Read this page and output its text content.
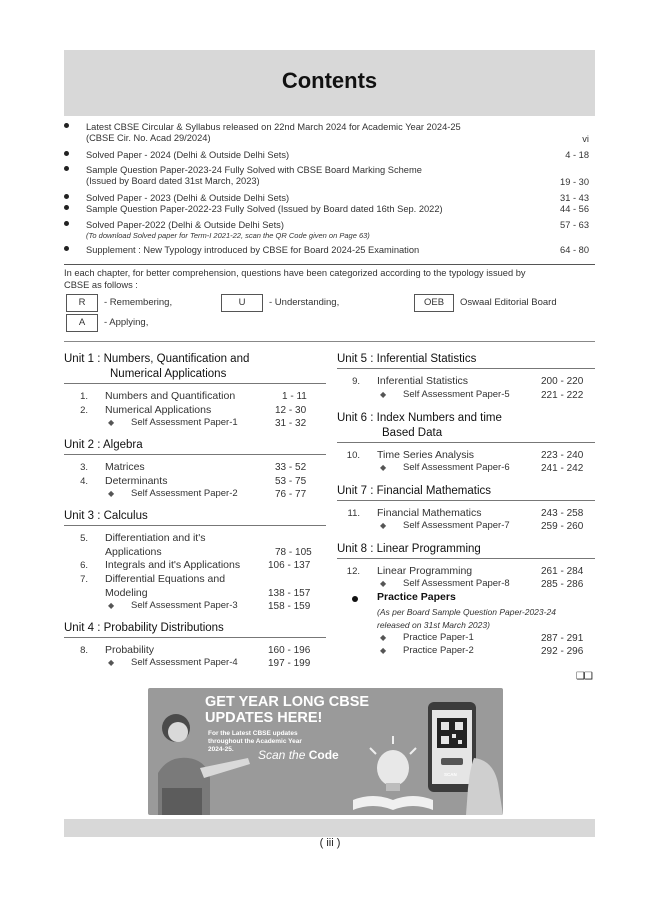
Contents
Latest CBSE Circular & Syllabus released on 22nd March 2024 for Academic Year 2024-25
(CBSE Cir. No. Acad 29/2024)	vi
Solved Paper - 2024 (Delhi & Outside Delhi Sets)	4 - 18
Sample Question Paper-2023-24 Fully Solved with CBSE Board Marking Scheme
(Issued by Board dated 31st March, 2023)	19 - 30
Solved Paper - 2023 (Delhi & Outside Delhi Sets)	31 - 43
Sample Question Paper-2022-23 Fully Solved (Issued by Board dated 16th Sep. 2022)	44 - 56
Solved Paper-2022 (Delhi & Outside Delhi Sets)
(To download Solved paper for Term-I 2021-22, scan the QR Code given on Page 63)
57 - 63
Supplement : New Typology introduced by CBSE for Board 2024-25 Examination	64 - 80
In each chapter, for better comprehension, questions have been categorized according to the typology issued by
CBSE as follows :
R	- Remembering,	U	- Understanding,	OEB	Oswaal Editorial Board
A	- Applying,
Unit 1 : Numbers, Quantification and
Numerical Applications
1. Numbers and Quantification	1 - 11
2. Numerical Applications	12 - 30
◆ Self Assessment Paper-1	31 - 32
Unit 2 : Algebra
3. Matrices	33 - 52
4. Determinants	53 - 75
◆ Self Assessment Paper-2	76 - 77
Unit 3 : Calculus
5. Differentiation and it's
Applications	78 - 105
6. Integrals and it's Applications	106 - 137
7. Differential Equations and
Modeling	138 - 157
◆ Self Assessment Paper-3	158 - 159
Unit 4 : Probability Distributions
8. Probability	160 - 196
◆ Self Assessment Paper-4	197 - 199
Unit 5 : Inferential Statistics
9. Inferential Statistics	200 - 220
◆ Self Assessment Paper-5	221 - 222
Unit 6 : Index Numbers and time
Based Data
10. Time Series Analysis	223 - 240
◆ Self Assessment Paper-6	241 - 242
Unit 7 : Financial Mathematics
11. Financial Mathematics	243 - 258
◆ Self Assessment Paper-7	259 - 260
Unit 8 : Linear Programming
12. Linear Programming	261 - 284
◆ Self Assessment Paper-8	285 - 286
Practice Papers
(As per Board Sample Question Paper-2023-24
released on 31st March 2023)
◆ Practice Paper-1	287 - 291
◆ Practice Paper-2	292 - 296
❑❑
GET YEAR LONG CBSE
UPDATES HERE!
For the Latest CBSE updates
throughout the Academic Year
2024-25.	Scan the Code
SCAN
( iii )
